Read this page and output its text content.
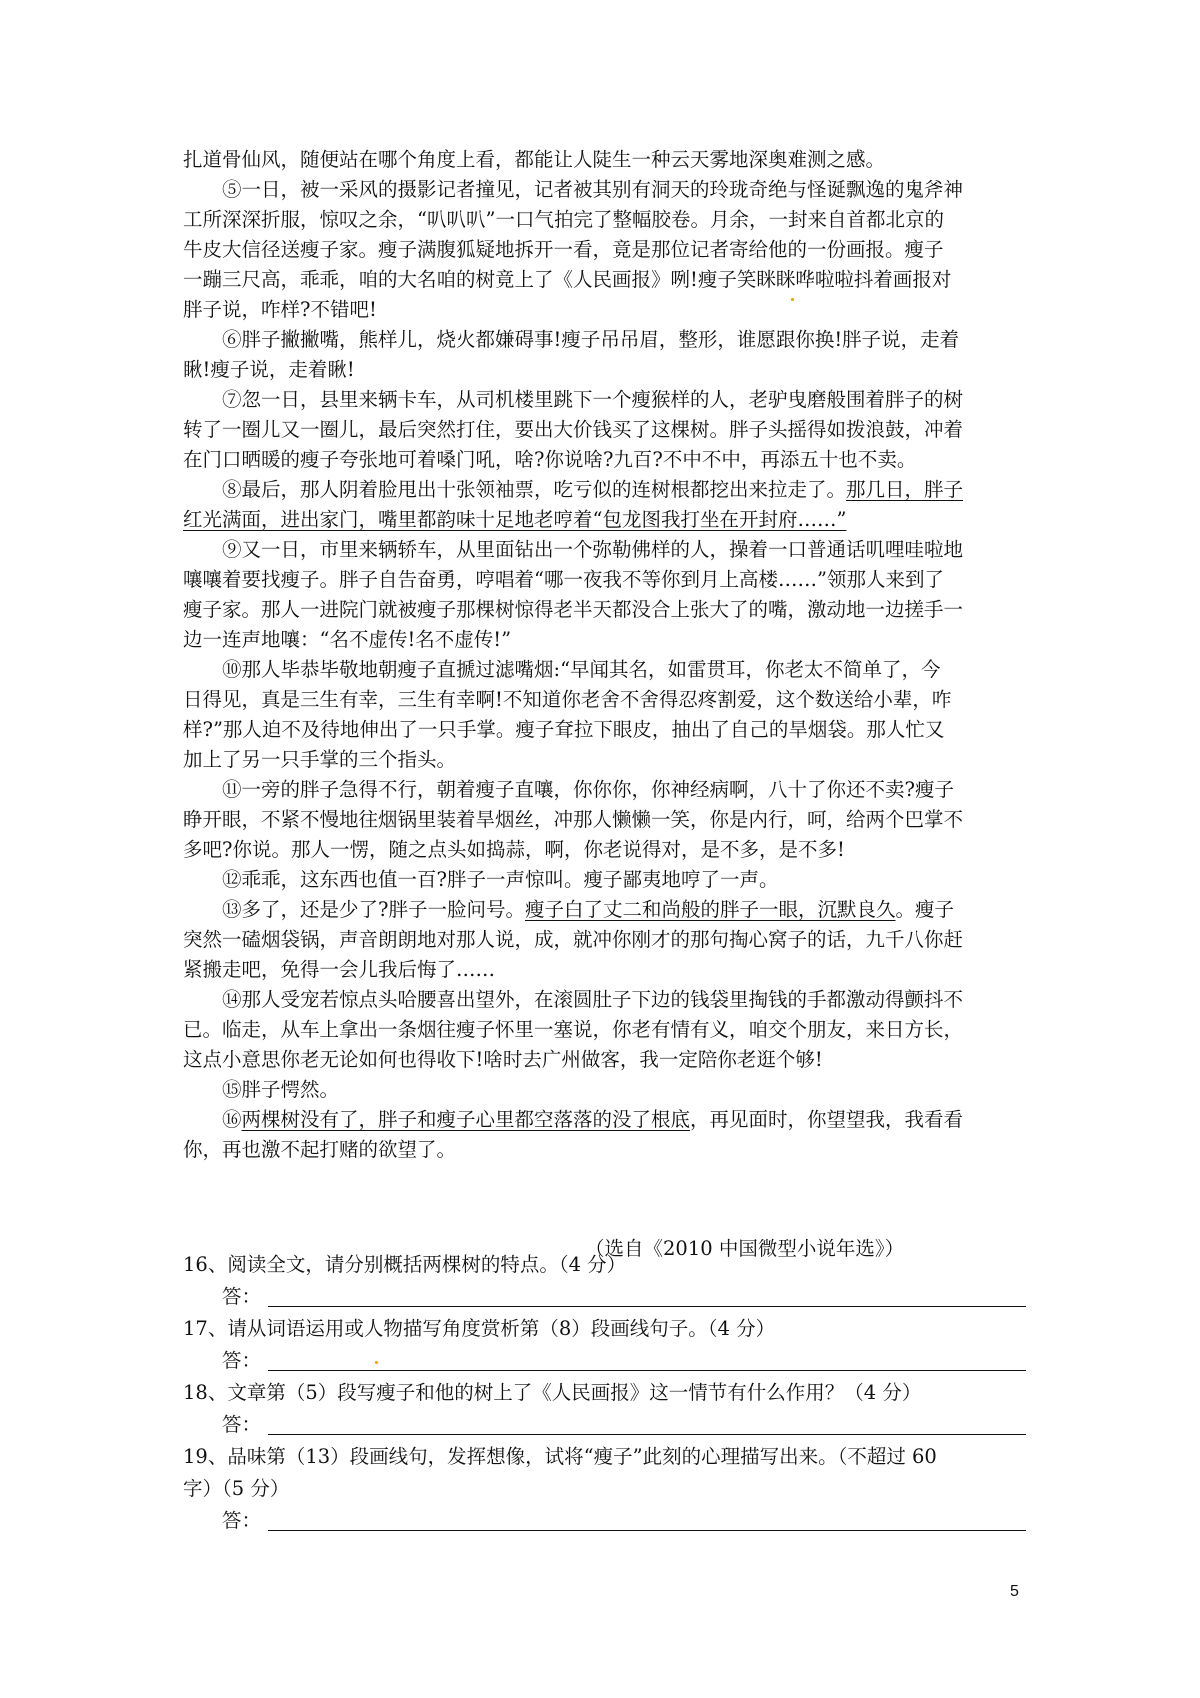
扎道骨仙风，随便站在哪个角度上看，都能让人陡生一种云天雾地深奥难测之感。
⑤一日，被一采风的摄影记者撞见，记者被其别有洞天的玲珑奇绝与怪诞飘逸的鬼斧神
工所深深折服，惊叹之余，“叭叭叭”一口气拍完了整幅胶卷。月余，一封来自首都北京的
牛皮大信径送瘦子家。瘦子满腹狐疑地拆开一看，竟是那位记者寄给他的一份画报。瘦子
一蹦三尺高，乖乖，咱的大名咱的树竟上了《人民画报》咧!瘦子笑眯眯哗啦啦抖着画报对
胖子说，咋样?不错吧!
⑥胖子撇撇嘴，熊样儿，烧火都嫌碍事!瘦子吊吊眉，整形，谁愿跟你换!胖子说，走着
瞅!瘦子说，走着瞅!
⑦忽一日，县里来辆卡车，从司机楼里跳下一个瘦猴样的人，老驴曳磨般围着胖子的树
转了一圈儿又一圈儿，最后突然打住，要出大价钱买了这棵树。胖子头摇得如拨浪鼓，冲着
在门口晒暖的瘦子夸张地可着嗓门吼，啥?你说啥?九百?不中不中，再添五十也不卖。
⑧最后，那人阴着脸甩出十张领袖票，吃亏似的连树根都挖出来拉走了。那几日，胖子
红光满面，进出家门，嘴里都韵味十足地老哼着“包龙图我打坐在开封府……”
⑨又一日，市里来辆轿车，从里面钻出一个弥勒佛样的人，操着一口普通话叽哩哇啦地
嚷嚷着要找瘦子。胖子自告奋勇，哼唱着“哪一夜我不等你到月上高楼……”领那人来到了
瘦子家。那人一进院门就被瘦子那棵树惊得老半天都没合上张大了的嘴，激动地一边搓手一
边一连声地嚷：“名不虚传!名不虚传!”
⑩那人毕恭毕敬地朝瘦子直搋过滤嘴烟:“早闻其名，如雷贯耳，你老太不简单了，今
日得见，真是三生有幸，三生有幸啊!不知道你老舍不舍得忍疼割爱，这个数送给小辈，咋
样?”那人迫不及待地伸出了一只手掌。瘦子耷拉下眼皮，抽出了自己的旱烟袋。那人忙又
加上了另一只手掌的三个指头。
⑪一旁的胖子急得不行，朝着瘦子直嚷，你你你，你神经病啊，八十了你还不卖?瘦子
睁开眼，不紧不慢地往烟锅里装着旱烟丝，冲那人懒懒一笑，你是内行，呵，给两个巴掌不
多吧?你说。那人一愣，随之点头如捣蒜，啊，你老说得对，是不多，是不多!
⑫乖乖，这东西也值一百?胖子一声惊叫。瘦子鄙夷地哼了一声。
⑬多了，还是少了?胖子一脸问号。瘦子白了丈二和尚般的胖子一眼，沉默良久。瘦子
突然一磕烟袋锅，声音朗朗地对那人说，成，就冲你刚才的那句掏心窝子的话，九千八你赶
紧搬走吧，免得一会儿我后悔了……
⑭那人受宠若惊点头哈腰喜出望外，在滚圆肚子下边的钱袋里掏钱的手都激动得颤抖不
已。临走，从车上拿出一条烟往瘦子怀里一塞说，你老有情有义，咱交个朋友，来日方长，
这点小意思你老无论如何也得收下!啥时去广州做客，我一定陪你老逛个够!
⑮胖子愕然。
⑯两棵树没有了，胖子和瘦子心里都空落落的没了根底，再见面时，你望望我，我看看
你，再也激不起打赌的欲望了。
（选自《2010 中国微型小说年选》）
16、阅读全文，请分别概括两棵树的特点。（4 分）
答：
17、请从词语运用或人物描写角度赏析第（8）段画线句子。（4 分）
答：
18、文章第（5）段写瘦子和他的树上了《人民画报》这一情节有什么作用？（4 分）
答：
19、品味第（13）段画线句，发挥想像，试将“瘦子”此刻的心理描写出来。（不超过 60
字）（5 分）
答：
5
